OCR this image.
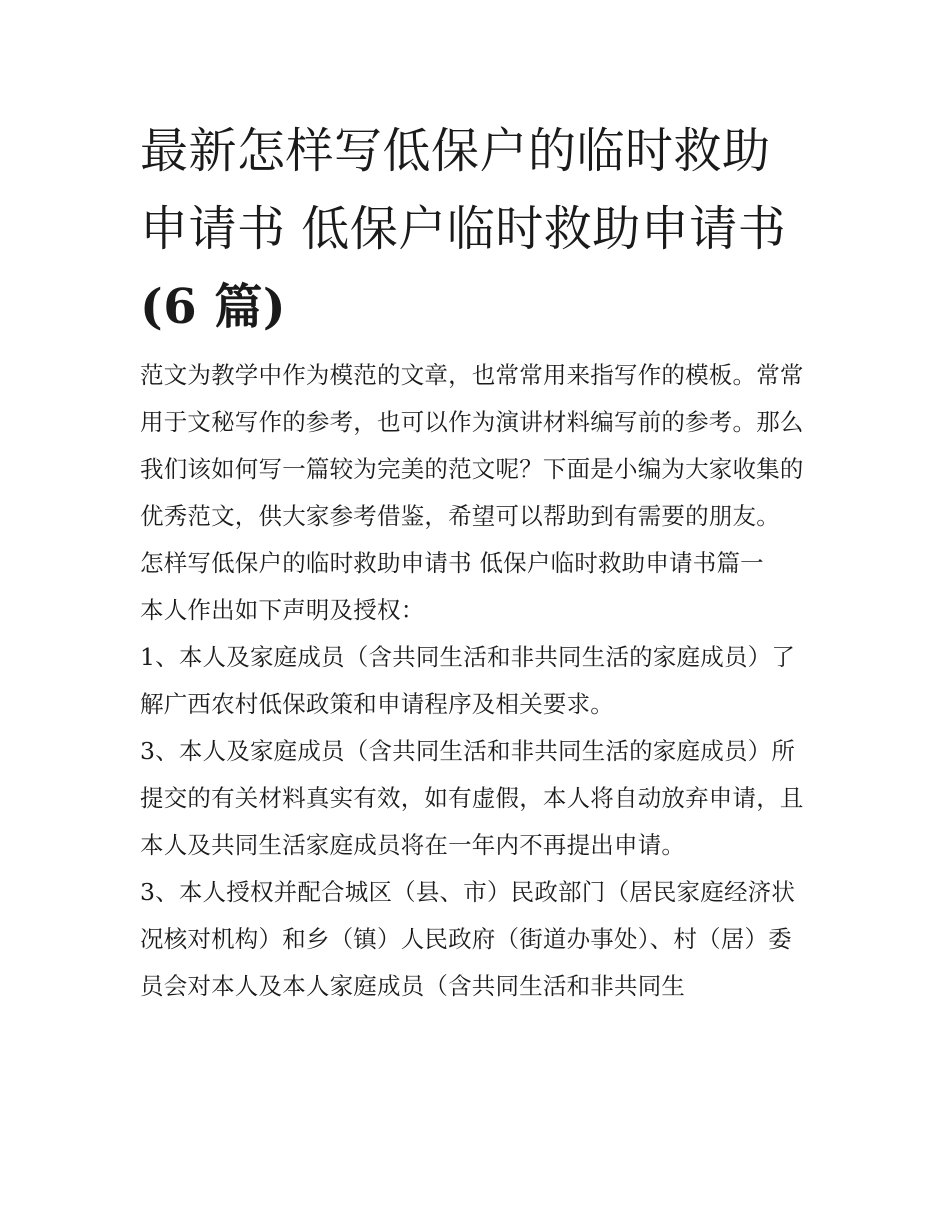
最新怎样写低保户的临时救助
申请书 低保户临时救助申请书
(6 篇)

范文为教学中作为模范的文章，也常常用来指写作的模板。常常用于文秘写作的参考，也可以作为演讲材料编写前的参考。那么我们该如何写一篇较为完美的范文呢？下面是小编为大家收集的优秀范文，供大家参考借鉴，希望可以帮助到有需要的朋友。

怎样写低保户的临时救助申请书 低保户临时救助申请书篇一

本人作出如下声明及授权：

1、本人及家庭成员（含共同生活和非共同生活的家庭成员）了解广西农村低保政策和申请程序及相关要求。

3、本人及家庭成员（含共同生活和非共同生活的家庭成员）所提交的有关材料真实有效，如有虚假，本人将自动放弃申请，且本人及共同生活家庭成员将在一年内不再提出申请。

3、本人授权并配合城区（县、市）民政部门（居民家庭经济状况核对机构）和乡（镇）人民政府（街道办事处）、村（居）委员会对本人及本人家庭成员（含共同生活和非共同生
